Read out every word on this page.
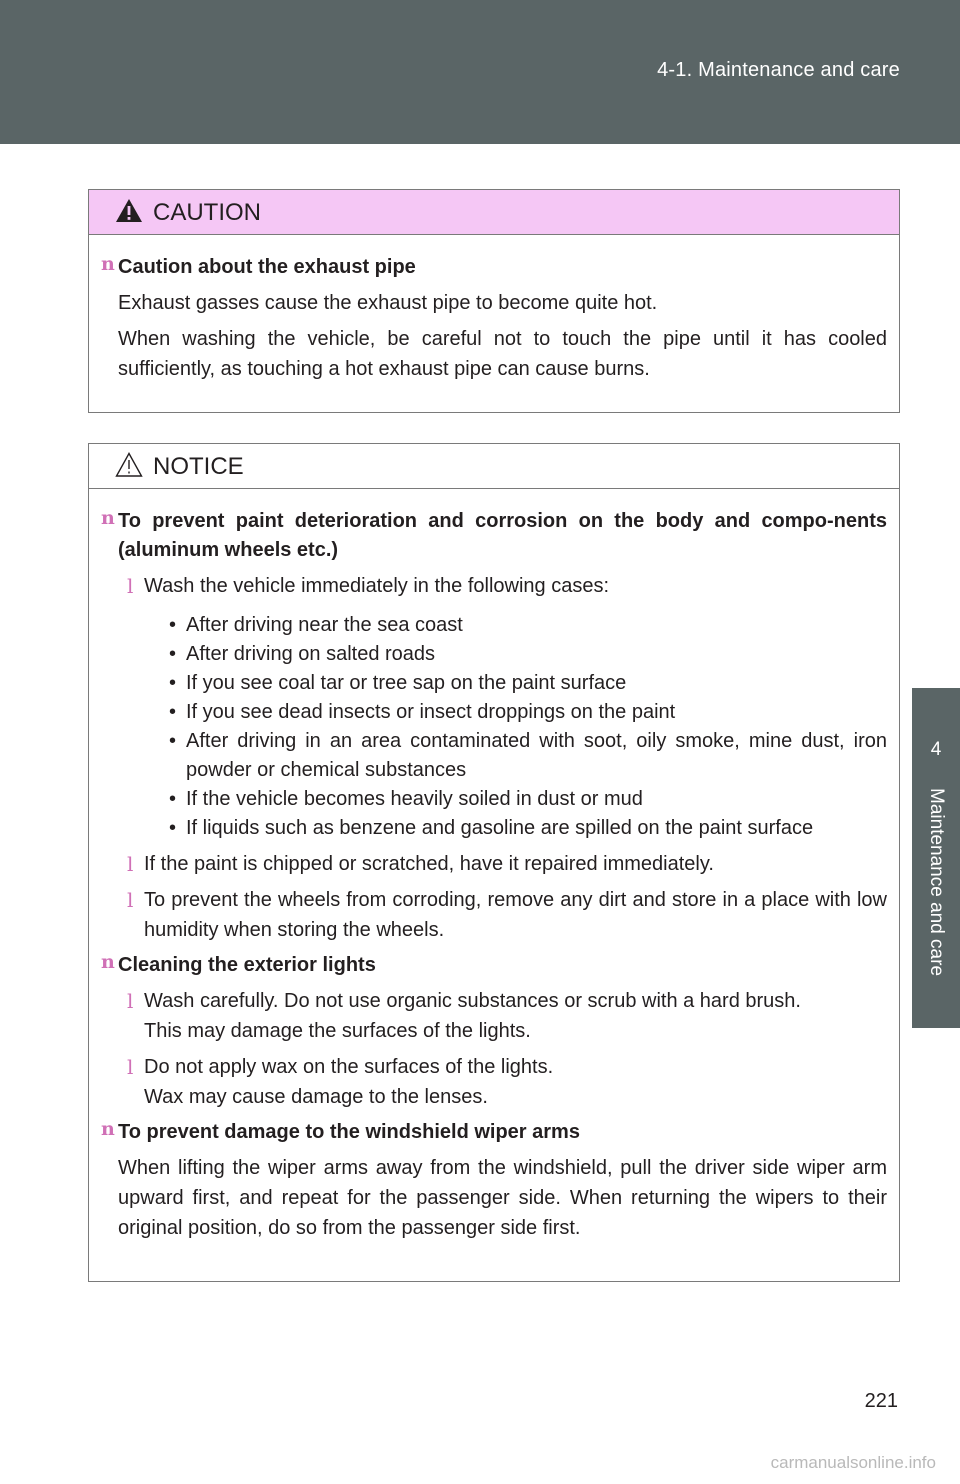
4-1. Maintenance and care
4
Maintenance and care
CAUTION
n Caution about the exhaust pipe
Exhaust gasses cause the exhaust pipe to become quite hot.
When washing the vehicle, be careful not to touch the pipe until it has cooled sufficiently, as touching a hot exhaust pipe can cause burns.
NOTICE
n To prevent paint deterioration and corrosion on the body and compo-nents (aluminum wheels etc.)
l Wash the vehicle immediately in the following cases:
• After driving near the sea coast
• After driving on salted roads
• If you see coal tar or tree sap on the paint surface
• If you see dead insects or insect droppings on the paint
• After driving in an area contaminated with soot, oily smoke, mine dust, iron powder or chemical substances
• If the vehicle becomes heavily soiled in dust or mud
• If liquids such as benzene and gasoline are spilled on the paint surface
l If the paint is chipped or scratched, have it repaired immediately.
l To prevent the wheels from corroding, remove any dirt and store in a place with low humidity when storing the wheels.
n Cleaning the exterior lights
l Wash carefully. Do not use organic substances or scrub with a hard brush.
This may damage the surfaces of the lights.
l Do not apply wax on the surfaces of the lights.
Wax may cause damage to the lenses.
n To prevent damage to the windshield wiper arms
When lifting the wiper arms away from the windshield, pull the driver side wiper arm upward first, and repeat for the passenger side. When returning the wipers to their original position, do so from the passenger side first.
221
carmanualsonline.info
